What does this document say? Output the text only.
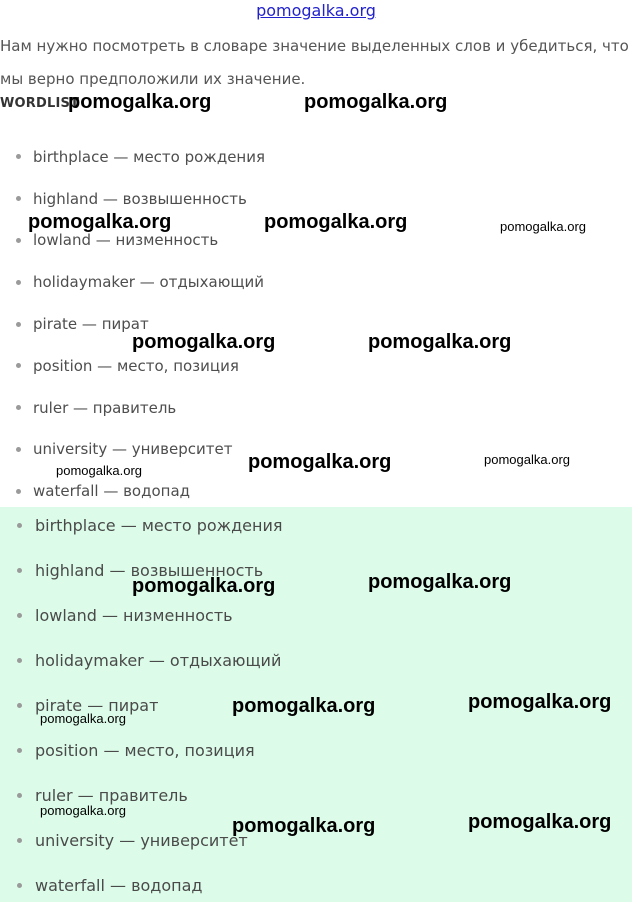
pomogalka.org
Нам нужно посмотреть в словаре значение выделенных слов и убедиться, что
мы верно предположили их значение.
WORDLIST
birthplace — место рождения
highland — возвышенность
lowland — низменность
holidaymaker — отдыхающий
pirate — пират
position — место, позиция
ruler — правитель
university — университет
waterfall — водопад
birthplace — место рождения
highland — возвышенность
lowland — низменность
holidaymaker — отдыхающий
pirate — пират
position — место, позиция
ruler — правитель
university — университет
waterfall — водопад
pomogalka.org	pomogalka.org
pomogalka.org	pomogalka.org	pomogalka.org
pomogalka.org	pomogalka.org
pomogalka.org	pomogalka.org
pomogalka.org
pomogalka.org	pomogalka.org
pomogalka.org	pomogalka.org
pomogalka.org
pomogalka.org
pomogalka.org	pomogalka.org
